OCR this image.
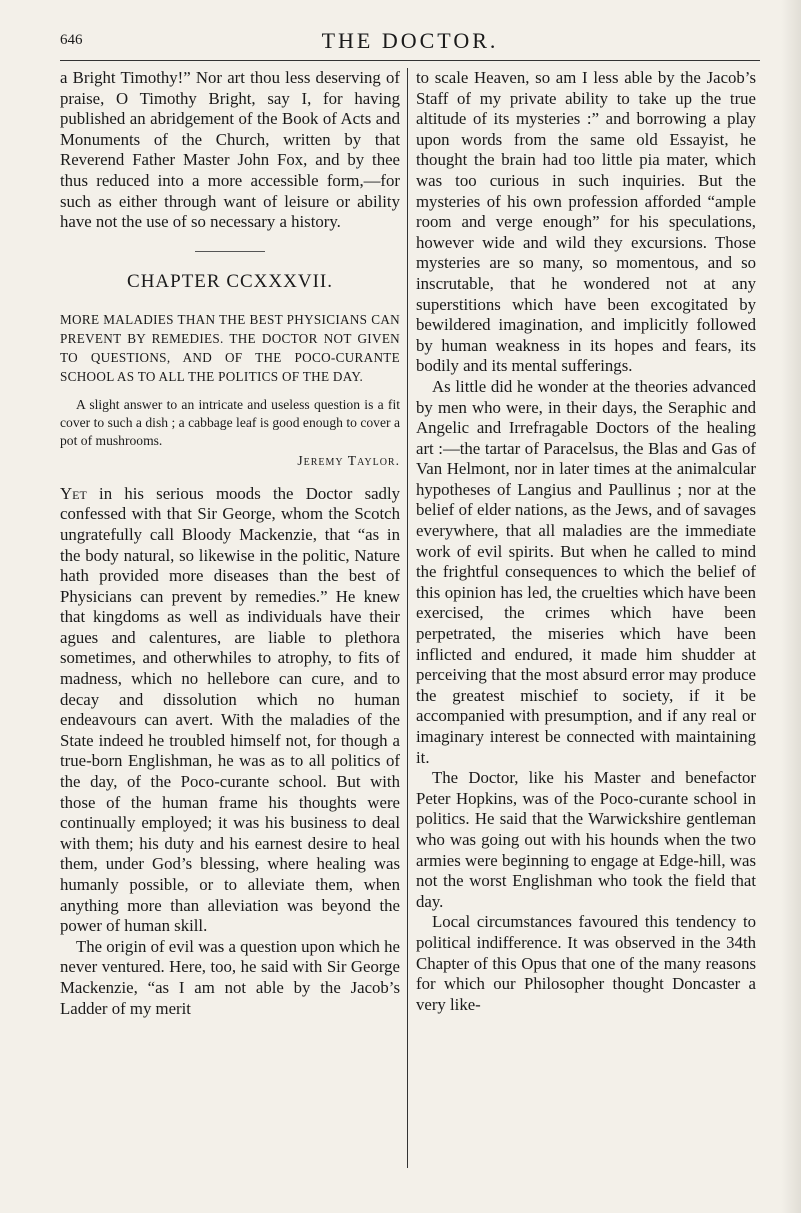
646	THE DOCTOR.

a Bright Timothy!” Nor art thou less deserving of praise, O Timothy Bright, say I, for having published an abridgement of the Book of Acts and Monuments of the Church, written by that Reverend Father Master John Fox, and by thee thus reduced into a more accessible form,—for such as either through want of leisure or ability have not the use of so necessary a history.

CHAPTER CCXXXVII.
MORE MALADIES THAN THE BEST PHYSICIANS CAN PREVENT BY REMEDIES. THE DOCTOR NOT GIVEN TO QUESTIONS, AND OF THE POCO-CURANTE SCHOOL AS TO ALL THE POLITICS OF THE DAY.
A slight answer to an intricate and useless question is a fit cover to such a dish ; a cabbage leaf is good enough to cover a pot of mushrooms.
Jeremy Taylor.

Yet in his serious moods the Doctor sadly confessed with that Sir George, whom the Scotch ungratefully call Bloody Mackenzie, that “as in the body natural, so likewise in the politic, Nature hath provided more diseases than the best of Physicians can prevent by remedies.” He knew that kingdoms as well as individuals have their agues and calentures, are liable to plethora sometimes, and otherwhiles to atrophy, to fits of madness, which no hellebore can cure, and to decay and dissolution which no human endeavours can avert. With the maladies of the State indeed he troubled himself not, for though a true-born Englishman, he was as to all politics of the day, of the Poco-curante school. But with those of the human frame his thoughts were continually employed; it was his business to deal with them; his duty and his earnest desire to heal them, under God’s blessing, where healing was humanly possible, or to alleviate them, when anything more than alleviation was beyond the power of human skill.

The origin of evil was a question upon which he never ventured. Here, too, he said with Sir George Mackenzie, “as I am not able by the Jacob’s Ladder of my merit

to scale Heaven, so am I less able by the Jacob’s Staff of my private ability to take up the true altitude of its mysteries :” and borrowing a play upon words from the same old Essayist, he thought the brain had too little pia mater, which was too curious in such inquiries. But the mysteries of his own profession afforded “ample room and verge enough” for his speculations, however wide and wild they excursions. Those mysteries are so many, so momentous, and so inscrutable, that he wondered not at any superstitions which have been excogitated by bewildered imagination, and implicitly followed by human weakness in its hopes and fears, its bodily and its mental sufferings.

As little did he wonder at the theories advanced by men who were, in their days, the Seraphic and Angelic and Irrefragable Doctors of the healing art :—the tartar of Paracelsus, the Blas and Gas of Van Helmont, nor in later times at the animalcular hypotheses of Langius and Paullinus ; nor at the belief of elder nations, as the Jews, and of savages everywhere, that all maladies are the immediate work of evil spirits. But when he called to mind the frightful consequences to which the belief of this opinion has led, the cruelties which have been exercised, the crimes which have been perpetrated, the miseries which have been inflicted and endured, it made him shudder at perceiving that the most absurd error may produce the greatest mischief to society, if it be accompanied with presumption, and if any real or imaginary interest be connected with maintaining it.

The Doctor, like his Master and benefactor Peter Hopkins, was of the Poco-curante school in politics. He said that the Warwickshire gentleman who was going out with his hounds when the two armies were beginning to engage at Edge-hill, was not the worst Englishman who took the field that day.

Local circumstances favoured this tendency to political indifference. It was observed in the 34th Chapter of this Opus that one of the many reasons for which our Philosopher thought Doncaster a very like-
